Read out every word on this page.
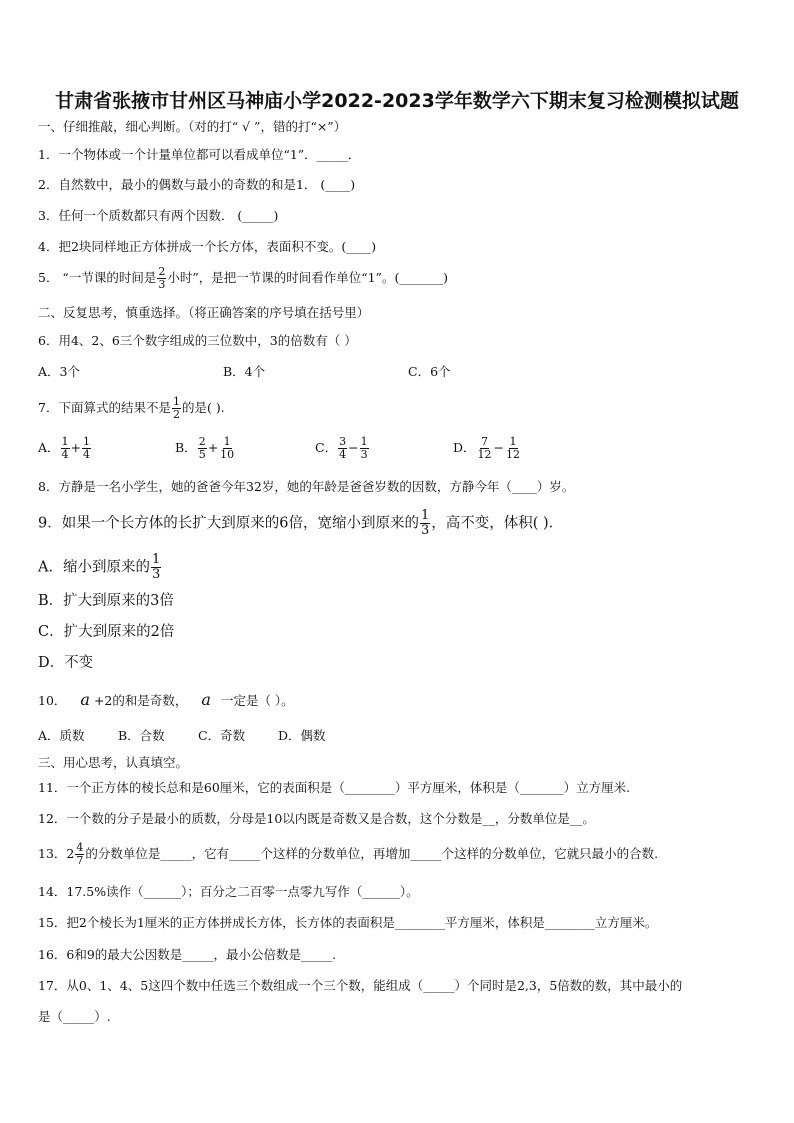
甘肃省张掖市甘州区马神庙小学2022-2023学年数学六下期末复习检测模拟试题
一、仔细推敲，细心判断。（对的打“ √ ”，错的打“×”）
1．一个物体或一个计量单位都可以看成单位“1”．_____．
2．自然数中，最小的偶数与最小的奇数的和是1． (____)
3．任何一个质数都只有两个因数． (_____)
4．把2块同样地正方体拼成一个长方体，表面积不变。(____)
5． “一节课的时间是 $\frac{2}{3}$ 小时”，是把一节课的时间看作单位“1”。(_______)
二、反复思考，慎重选择。（将正确答案的序号填在括号里）
6．用4、2、6三个数字组成的三位数中，3的倍数有（ ）
A．3个	B．4个	C．6个
7．下面算式的结果不是 $\frac{1}{2}$ 的是( ).
A． $\frac{1}{4} + \frac{1}{4}$	B． $\frac{2}{5} + \frac{1}{10}$	C． $\frac{3}{4} - \frac{1}{3}$	D． $\frac{7}{12} - \frac{1}{12}$
8．方静是一名小学生，她的爸爸今年32岁，她的年龄是爸爸岁数的因数，方静今年（____）岁。
9．如果一个长方体的长扩大到原来的6倍，宽缩小到原来的 $\frac{1}{3}$ ，高不变，体积( )．
A．缩小到原来的 $\frac{1}{3}$
B．扩大到原来的3倍
C．扩大到原来的2倍
D．不变
10． a +2的和是奇数， a 一定是（ ）。
A．质数	B．合数	C．奇数	D．偶数
三、用心思考，认真填空。
11．一个正方体的棱长总和是60厘米，它的表面积是（________）平方厘米，体积是（_______）立方厘米.
12．一个数的分子是最小的质数，分母是10以内既是奇数又是合数，这个分数是__，分数单位是__。
13．$2 \frac{4}{7}$ 的分数单位是_____，它有_____个这样的分数单位，再增加_____个这样的分数单位，它就只最小的合数.
14．17.5%读作（______）；百分之二百零一点零九写作（______）。
15．把2个棱长为1厘米的正方体拼成长方体，长方体的表面积是________平方厘米，体积是________立方厘米。
16．6和9的最大公因数是_____，最小公倍数是_____.
17．从0、1、4、5这四个数中任选三个数组成一个三个数，能组成（_____）个同时是2,3，5倍数的数，其中最小的
是（_____）.
